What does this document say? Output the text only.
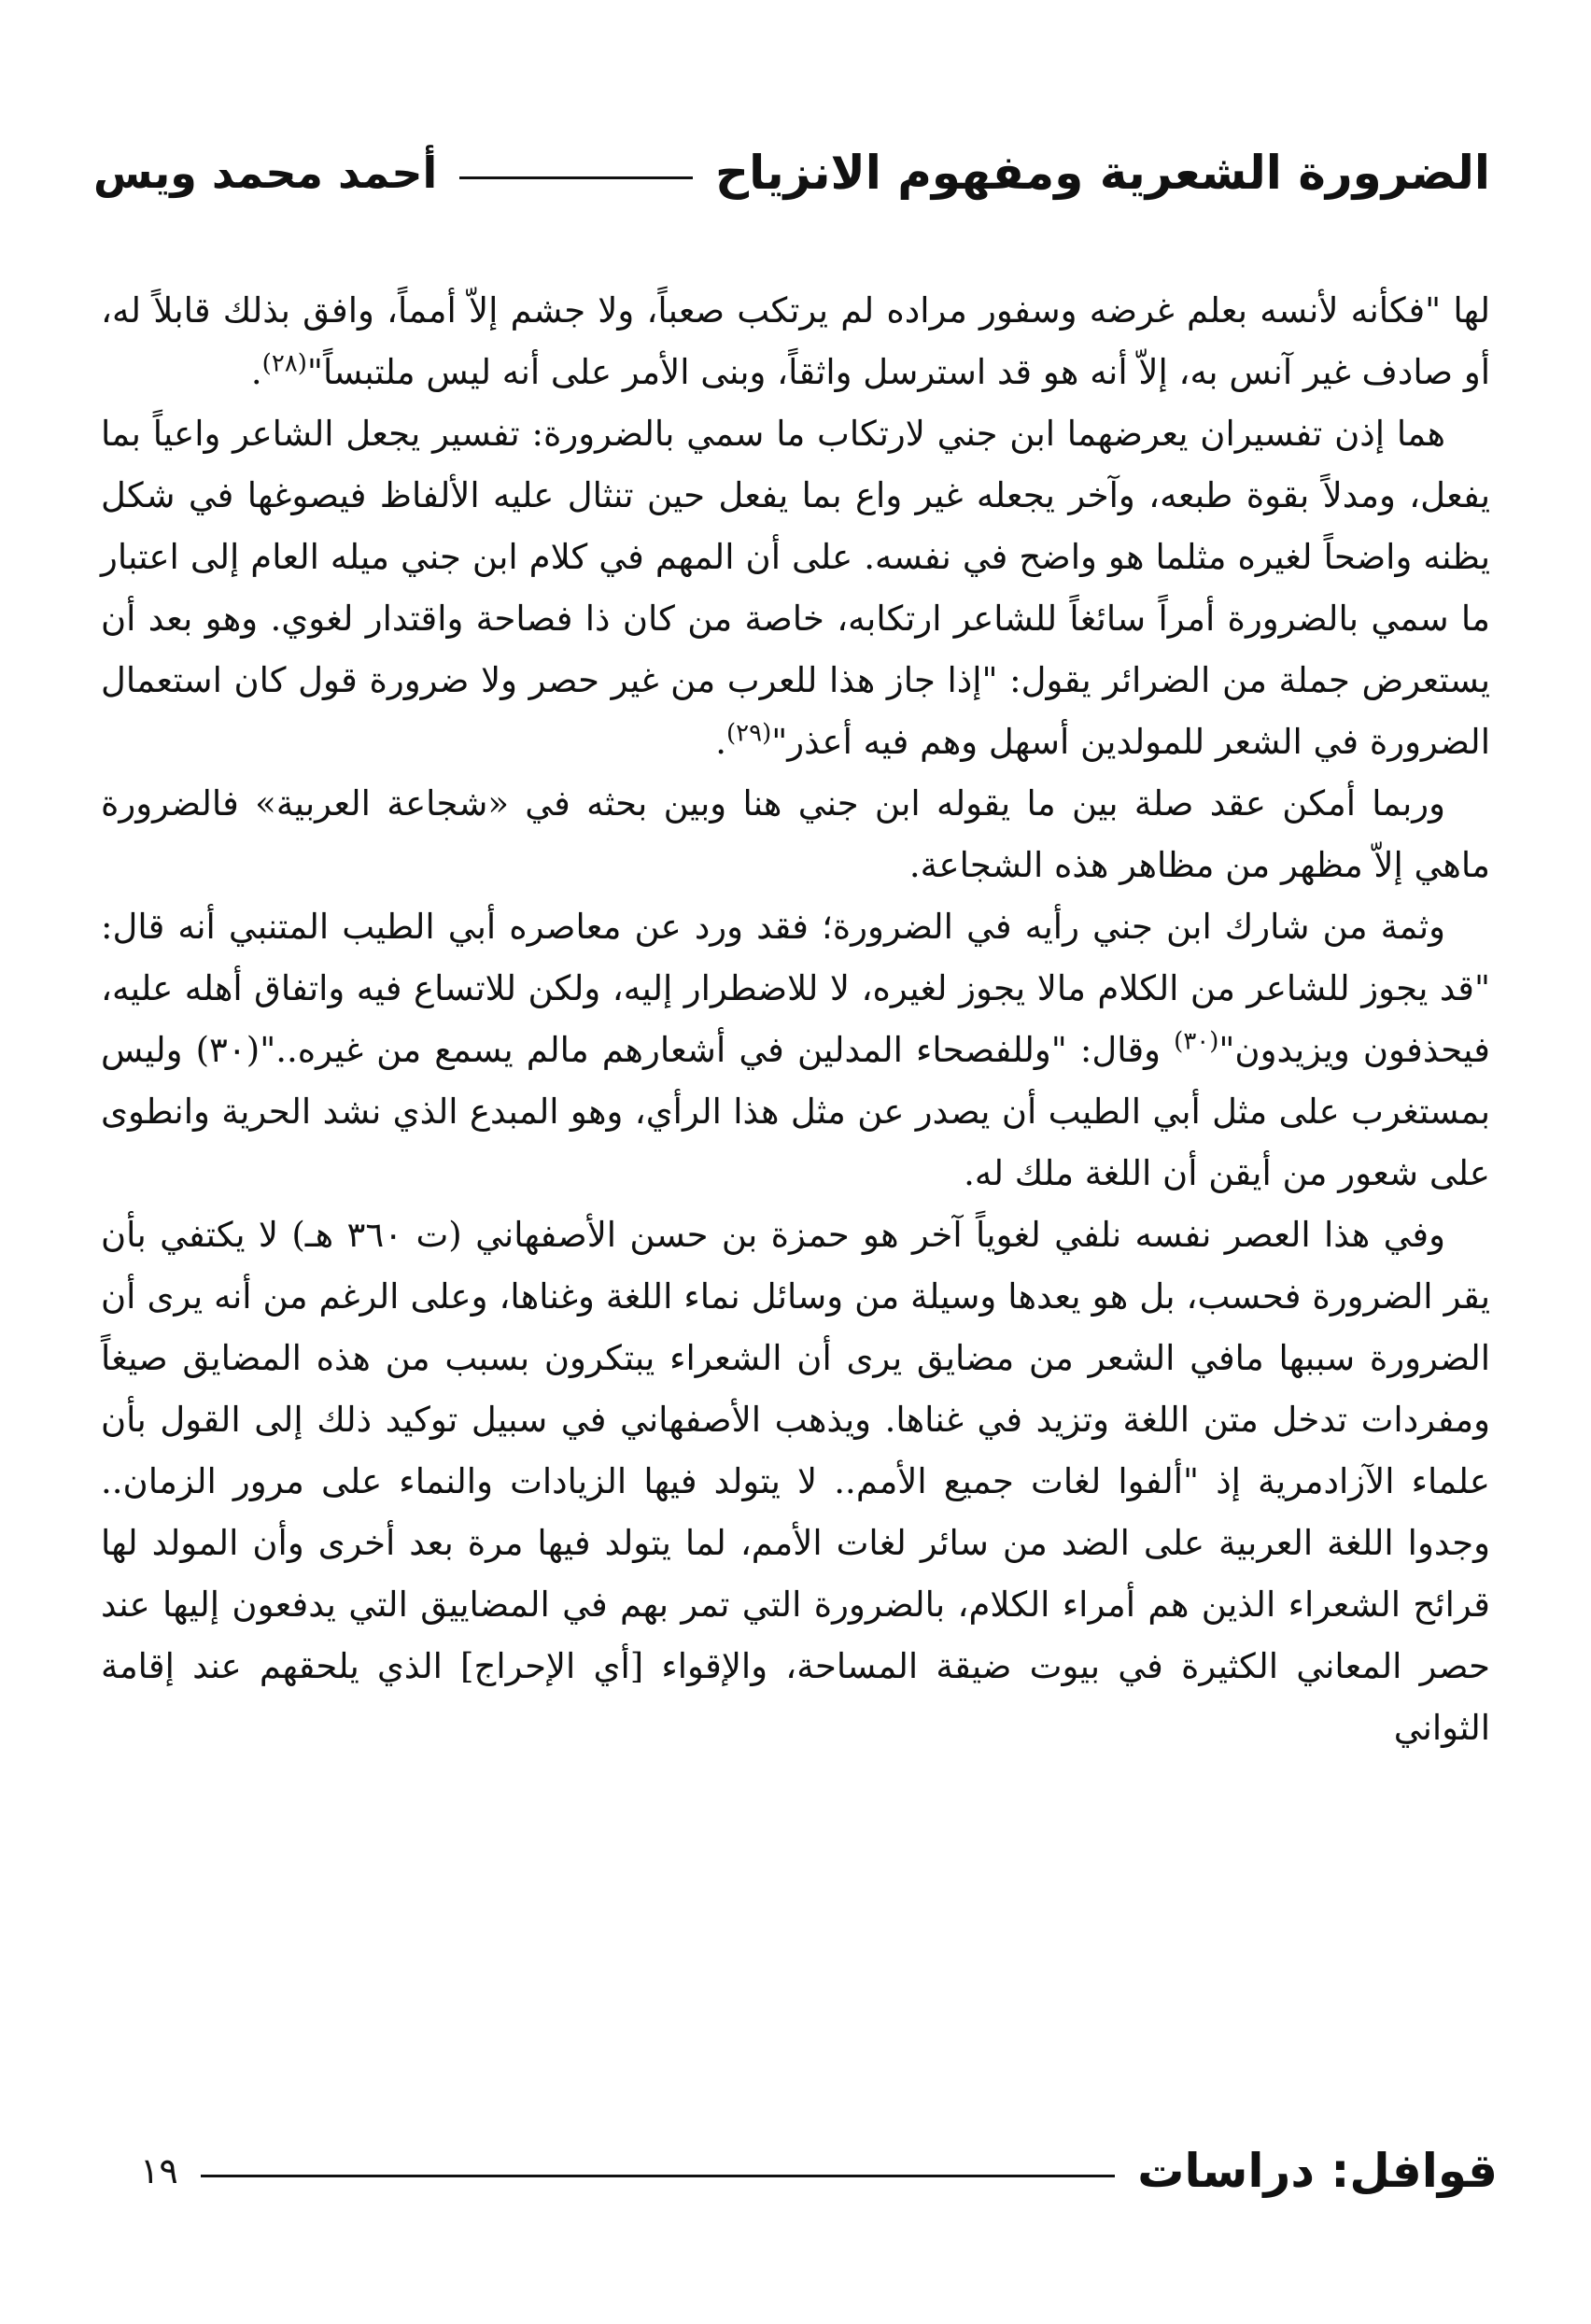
الضرورة الشعرية ومفهوم الانزياح
أحمد محمد ويس

لها "فكأنه لأنسه بعلم غرضه وسفور مراده لم يرتكب صعباً، ولا جشم إلاّ أمماً، وافق بذلك قابلاً له، أو صادف غير آنس به، إلاّ أنه هو قد استرسل واثقاً، وبنى الأمر على أنه ليس ملتبساً"$^{(٢٨)}$.

هما إذن تفسيران يعرضهما ابن جني لارتكاب ما سمي بالضرورة: تفسير يجعل الشاعر واعياً بما يفعل، ومدلاً بقوة طبعه، وآخر يجعله غير واع بما يفعل حين تنثال عليه الألفاظ فيصوغها في شكل يظنه واضحاً لغيره مثلما هو واضح في نفسه. على أن المهم في كلام ابن جني ميله العام إلى اعتبار ما سمي بالضرورة أمراً سائغاً للشاعر ارتكابه، خاصة من كان ذا فصاحة واقتدار لغوي. وهو بعد أن يستعرض جملة من الضرائر يقول: "إذا جاز هذا للعرب من غير حصر ولا ضرورة قول كان استعمال الضرورة في الشعر للمولدين أسهل وهم فيه أعذر"$^{(٢٩)}$.

وربما أمكن عقد صلة بين ما يقوله ابن جني هنا وبين بحثه في «شجاعة العربية» فالضرورة ماهي إلاّ مظهر من مظاهر هذه الشجاعة.

وثمة من شارك ابن جني رأيه في الضرورة؛ فقد ورد عن معاصره أبي الطيب المتنبي أنه قال: "قد يجوز للشاعر من الكلام مالا يجوز لغيره، لا للاضطرار إليه، ولكن للاتساع فيه واتفاق أهله عليه، فيحذفون ويزيدون"$^{(٣٠)}$ وقال: "وللفصحاء المدلين في أشعارهم مالم يسمع من غيره.."(٣٠) وليس بمستغرب على مثل أبي الطيب أن يصدر عن مثل هذا الرأي، وهو المبدع الذي نشد الحرية وانطوى على شعور من أيقن أن اللغة ملك له.

وفي هذا العصر نفسه نلفي لغوياً آخر هو حمزة بن حسن الأصفهاني (ت ٣٦٠ هـ) لا يكتفي بأن يقر الضرورة فحسب، بل هو يعدها وسيلة من وسائل نماء اللغة وغناها، وعلى الرغم من أنه يرى أن الضرورة سببها مافي الشعر من مضايق يرى أن الشعراء يبتكرون بسبب من هذه المضايق صيغاً ومفردات تدخل متن اللغة وتزيد في غناها. ويذهب الأصفهاني في سبيل توكيد ذلك إلى القول بأن علماء الآزادمرية إذ "ألفوا لغات جميع الأمم.. لا يتولد فيها الزيادات والنماء على مرور الزمان.. وجدوا اللغة العربية على الضد من سائر لغات الأمم، لما يتولد فيها مرة بعد أخرى وأن المولد لها قرائح الشعراء الذين هم أمراء الكلام، بالضرورة التي تمر بهم في المضاييق التي يدفعون إليها عند حصر المعاني الكثيرة في بيوت ضيقة المساحة، والإقواء [أي الإحراج] الذي يلحقهم عند إقامة الثواني

قوافل: دراسات
١٩
